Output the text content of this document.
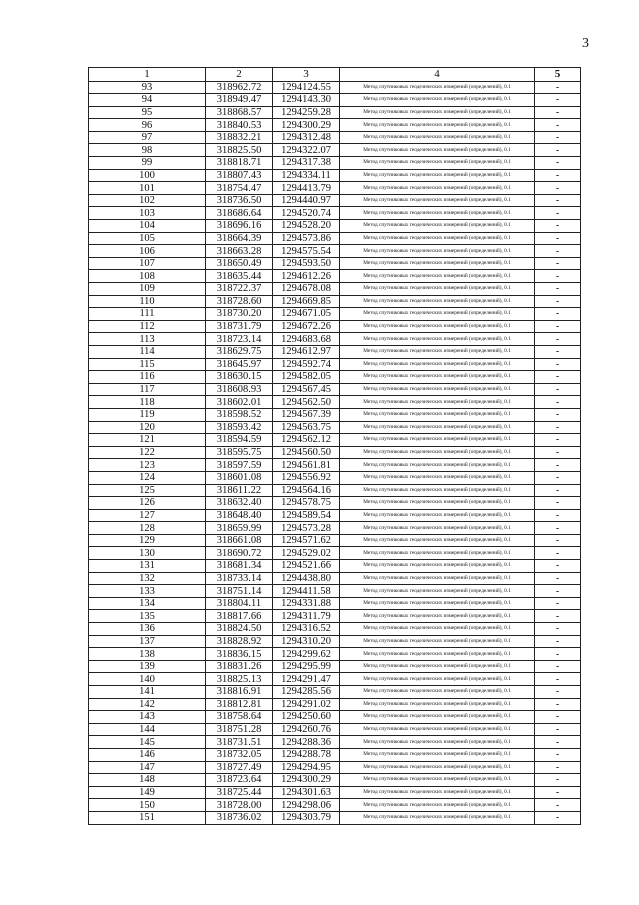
3
1	2	3	4	5
93	318962.72	1294124.55	Метод спутниковых геодезических измерений (определений), 0.1	-
94	318949.47	1294143.30	Метод спутниковых геодезических измерений (определений), 0.1	-
95	318868.57	1294259.28	Метод спутниковых геодезических измерений (определений), 0.1	-
96	318840.53	1294300.29	Метод спутниковых геодезических измерений (определений), 0.1	-
97	318832.21	1294312.48	Метод спутниковых геодезических измерений (определений), 0.1	-
98	318825.50	1294322.07	Метод спутниковых геодезических измерений (определений), 0.1	-
99	318818.71	1294317.38	Метод спутниковых геодезических измерений (определений), 0.1	-
100	318807.43	1294334.11	Метод спутниковых геодезических измерений (определений), 0.1	-
101	318754.47	1294413.79	Метод спутниковых геодезических измерений (определений), 0.1	-
102	318736.50	1294440.97	Метод спутниковых геодезических измерений (определений), 0.1	-
103	318686.64	1294520.74	Метод спутниковых геодезических измерений (определений), 0.1	-
104	318696.16	1294528.20	Метод спутниковых геодезических измерений (определений), 0.1	-
105	318664.39	1294573.86	Метод спутниковых геодезических измерений (определений), 0.1	-
106	318663.28	1294575.54	Метод спутниковых геодезических измерений (определений), 0.1	-
107	318650.49	1294593.50	Метод спутниковых геодезических измерений (определений), 0.1	-
108	318635.44	1294612.26	Метод спутниковых геодезических измерений (определений), 0.1	-
109	318722.37	1294678.08	Метод спутниковых геодезических измерений (определений), 0.1	-
110	318728.60	1294669.85	Метод спутниковых геодезических измерений (определений), 0.1	-
111	318730.20	1294671.05	Метод спутниковых геодезических измерений (определений), 0.1	-
112	318731.79	1294672.26	Метод спутниковых геодезических измерений (определений), 0.1	-
113	318723.14	1294683.68	Метод спутниковых геодезических измерений (определений), 0.1	-
114	318629.75	1294612.97	Метод спутниковых геодезических измерений (определений), 0.1	-
115	318645.97	1294592.74	Метод спутниковых геодезических измерений (определений), 0.1	-
116	318630.15	1294582.05	Метод спутниковых геодезических измерений (определений), 0.1	-
117	318608.93	1294567.45	Метод спутниковых геодезических измерений (определений), 0.1	-
118	318602.01	1294562.50	Метод спутниковых геодезических измерений (определений), 0.1	-
119	318598.52	1294567.39	Метод спутниковых геодезических измерений (определений), 0.1	-
120	318593.42	1294563.75	Метод спутниковых геодезических измерений (определений), 0.1	-
121	318594.59	1294562.12	Метод спутниковых геодезических измерений (определений), 0.1	-
122	318595.75	1294560.50	Метод спутниковых геодезических измерений (определений), 0.1	-
123	318597.59	1294561.81	Метод спутниковых геодезических измерений (определений), 0.1	-
124	318601.08	1294556.92	Метод спутниковых геодезических измерений (определений), 0.1	-
125	318611.22	1294564.16	Метод спутниковых геодезических измерений (определений), 0.1	-
126	318632.40	1294578.75	Метод спутниковых геодезических измерений (определений), 0.1	-
127	318648.40	1294589.54	Метод спутниковых геодезических измерений (определений), 0.1	-
128	318659.99	1294573.28	Метод спутниковых геодезических измерений (определений), 0.1	-
129	318661.08	1294571.62	Метод спутниковых геодезических измерений (определений), 0.1	-
130	318690.72	1294529.02	Метод спутниковых геодезических измерений (определений), 0.1	-
131	318681.34	1294521.66	Метод спутниковых геодезических измерений (определений), 0.1	-
132	318733.14	1294438.80	Метод спутниковых геодезических измерений (определений), 0.1	-
133	318751.14	1294411.58	Метод спутниковых геодезических измерений (определений), 0.1	-
134	318804.11	1294331.88	Метод спутниковых геодезических измерений (определений), 0.1	-
135	318817.66	1294311.79	Метод спутниковых геодезических измерений (определений), 0.1	-
136	318824.50	1294316.52	Метод спутниковых геодезических измерений (определений), 0.1	-
137	318828.92	1294310.20	Метод спутниковых геодезических измерений (определений), 0.1	-
138	318836.15	1294299.62	Метод спутниковых геодезических измерений (определений), 0.1	-
139	318831.26	1294295.99	Метод спутниковых геодезических измерений (определений), 0.1	-
140	318825.13	1294291.47	Метод спутниковых геодезических измерений (определений), 0.1	-
141	318816.91	1294285.56	Метод спутниковых геодезических измерений (определений), 0.1	-
142	318812.81	1294291.02	Метод спутниковых геодезических измерений (определений), 0.1	-
143	318758.64	1294250.60	Метод спутниковых геодезических измерений (определений), 0.1	-
144	318751.28	1294260.76	Метод спутниковых геодезических измерений (определений), 0.1	-
145	318731.51	1294288.36	Метод спутниковых геодезических измерений (определений), 0.1	-
146	318732.05	1294288.78	Метод спутниковых геодезических измерений (определений), 0.1	-
147	318727.49	1294294.95	Метод спутниковых геодезических измерений (определений), 0.1	-
148	318723.64	1294300.29	Метод спутниковых геодезических измерений (определений), 0.1	-
149	318725.44	1294301.63	Метод спутниковых геодезических измерений (определений), 0.1	-
150	318728.00	1294298.06	Метод спутниковых геодезических измерений (определений), 0.1	-
151	318736.02	1294303.79	Метод спутниковых геодезических измерений (определений), 0.1	-
